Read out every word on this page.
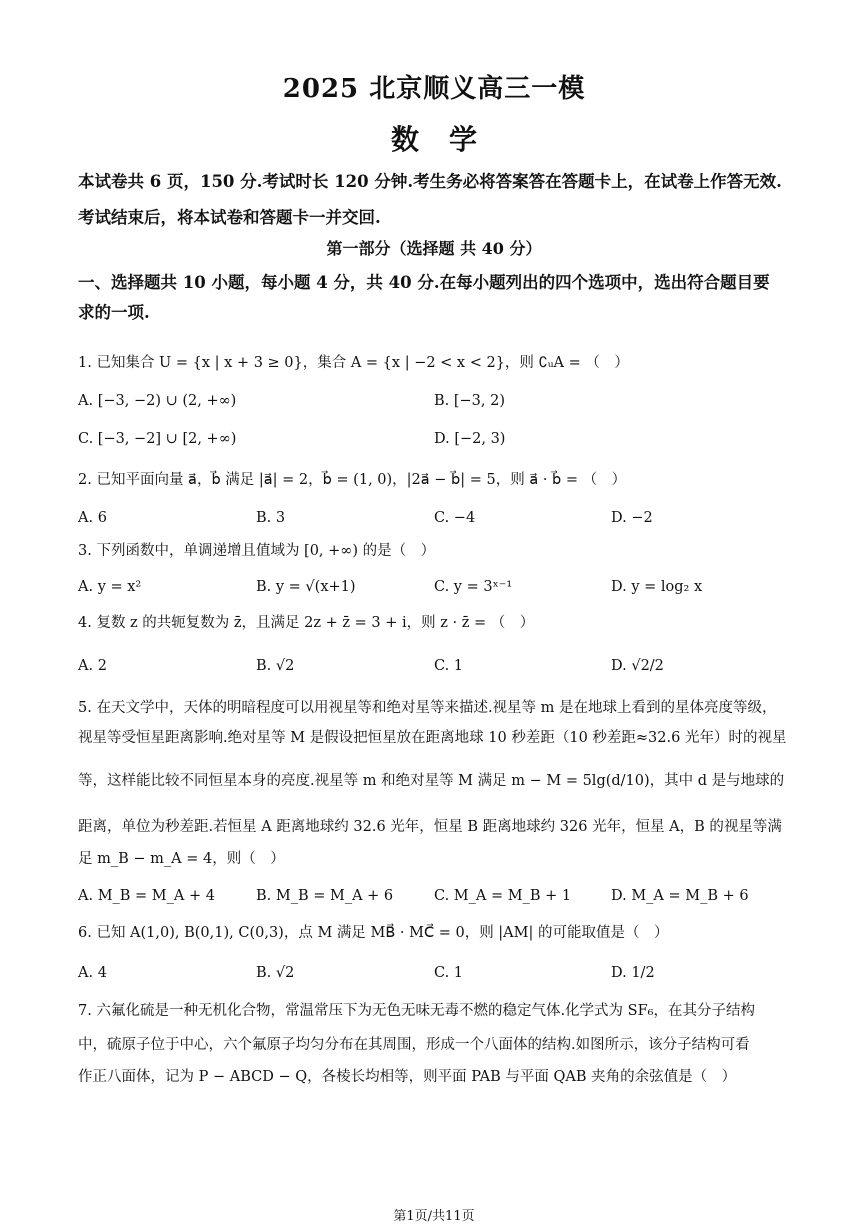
2025 北京顺义高三一模
数学
本试卷共 6 页，150 分.考试时长 120 分钟.考生务必将答案答在答题卡上，在试卷上作答无效.
考试结束后，将本试卷和答题卡一并交回.
第一部分（选择题 共 40 分）
一、选择题共 10 小题，每小题 4 分，共 40 分.在每小题列出的四个选项中，选出符合题目要
求的一项.
1. 已知集合 U = {x | x + 3 ≥ 0}，集合 A = {x | −2 < x < 2}，则 ∁ᵤA = （　）
A. [−3, −2) ∪ (2, +∞)	B. [−3, 2)
C. [−3, −2] ∪ [2, +∞)	D. [−2, 3)
2. 已知平面向量 a⃗，b⃗ 满足 |a⃗| = 2，b⃗ = (1, 0)，|2a⃗ − b⃗| = 5，则 a⃗ · b⃗ = （　）
A. 6	B. 3	C. −4	D. −2
3. 下列函数中，单调递增且值域为 [0, +∞) 的是（　）
A. y = x²	B. y = √(x+1)	C. y = 3ˣ⁻¹	D. y = log₂ x
4. 复数 z 的共轭复数为 z̄，且满足 2z + z̄ = 3 + i，则 z · z̄ = （　）
A. 2	B. √2	C. 1	D. √2/2
5. 在天文学中，天体的明暗程度可以用视星等和绝对星等来描述.视星等 m 是在地球上看到的星体亮度等级，
视星等受恒星距离影响.绝对星等 M 是假设把恒星放在距离地球 10 秒差距（10 秒差距≈32.6 光年）时的视星
等，这样能比较不同恒星本身的亮度.视星等 m 和绝对星等 M 满足 m − M = 5lg(d/10)，其中 d 是与地球的
距离，单位为秒差距.若恒星 A 距离地球约 32.6 光年，恒星 B 距离地球约 326 光年，恒星 A，B 的视星等满
足 m_B − m_A = 4，则（　）
A. M_B = M_A + 4	B. M_B = M_A + 6	C. M_A = M_B + 1	D. M_A = M_B + 6
6. 已知 A(1,0), B(0,1), C(0,3)，点 M 满足 MB⃗ · MC⃗ = 0，则 |AM| 的可能取值是（　）
A. 4	B. √2	C. 1	D. 1/2
7. 六氟化硫是一种无机化合物，常温常压下为无色无味无毒不燃的稳定气体.化学式为 SF₆，在其分子结构
中，硫原子位于中心，六个氟原子均匀分布在其周围，形成一个八面体的结构.如图所示，该分子结构可看
作正八面体，记为 P − ABCD − Q，各棱长均相等，则平面 PAB 与平面 QAB 夹角的余弦值是（　）
第1页/共11页
